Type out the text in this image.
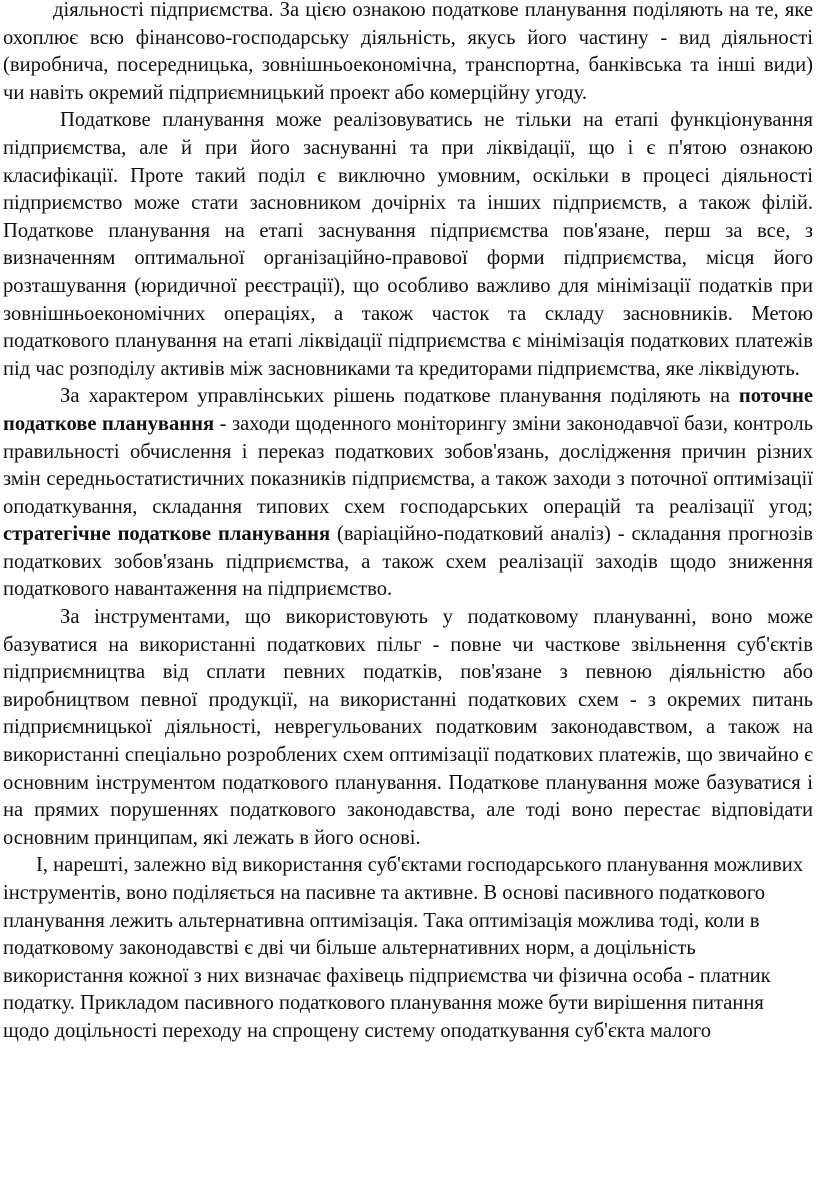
діяльності підприємства. За цією ознакою податкове планування поділяють на те, яке охоплює всю фінансово-господарську діяльність, якусь його частину - вид діяльності (виробнича, посередницька, зовнішньоекономічна, транспортна, банківська та інші види) чи навіть окремий підприємницький проект або комерційну угоду.

Податкове планування може реалізовуватись не тільки на етапі функціонування підприємства, але й при його заснуванні та при ліквідації, що і є п'ятою ознакою класифікації. Проте такий поділ є виключно умовним, оскільки в процесі діяльності підприємство може стати засновником дочірніх та інших підприємств, а також філій. Податкове планування на етапі заснування підприємства пов'язане, перш за все, з визначенням оптимальної організаційно-правової форми підприємства, місця його розташування (юридичної реєстрації), що особливо важливо для мінімізації податків при зовнішньоекономічних операціях, а також часток та складу засновників. Метою податкового планування на етапі ліквідації підприємства є мінімізація податкових платежів під час розподілу активів між засновниками та кредиторами підприємства, яке ліквідують.

За характером управлінських рішень податкове планування поділяють на поточне податкове планування - заходи щоденного моніторингу зміни законодавчої бази, контроль правильності обчислення і переказ податкових зобов'язань, дослідження причин різних змін середньостатистичних показників підприємства, а також заходи з поточної оптимізації оподаткування, складання типових схем господарських операцій та реалізації угод; стратегічне податкове планування (варіаційно-податковий аналіз) - складання прогнозів податкових зобов'язань підприємства, а також схем реалізації заходів щодо зниження податкового навантаження на підприємство.

За інструментами, що використовують у податковому плануванні, воно може базуватися на використанні податкових пільг - повне чи часткове звільнення суб'єктів підприємництва від сплати певних податків, пов'язане з певною діяльністю або виробництвом певної продукції, на використанні податкових схем - з окремих питань підприємницької діяльності, неврегульованих податковим законодавством, а також на використанні спеціально розроблених схем оптимізації податкових платежів, що звичайно є основним інструментом податкового планування. Податкове планування може базуватися і на прямих порушеннях податкового законодавства, але тоді воно перестає відповідати основним принципам, які лежать в його основі.

І, нарешті, залежно від використання суб'єктами господарського планування можливих інструментів, воно поділяється на пасивне та активне. В основі пасивного податкового планування лежить альтернативна оптимізація. Така оптимізація можлива тоді, коли в податковому законодавстві є дві чи більше альтернативних норм, а доцільність використання кожної з них визначає фахівець підприємства чи фізична особа - платник податку. Прикладом пасивного податкового планування може бути вирішення питання щодо доцільності переходу на спрощену систему оподаткування суб'єкта малого
